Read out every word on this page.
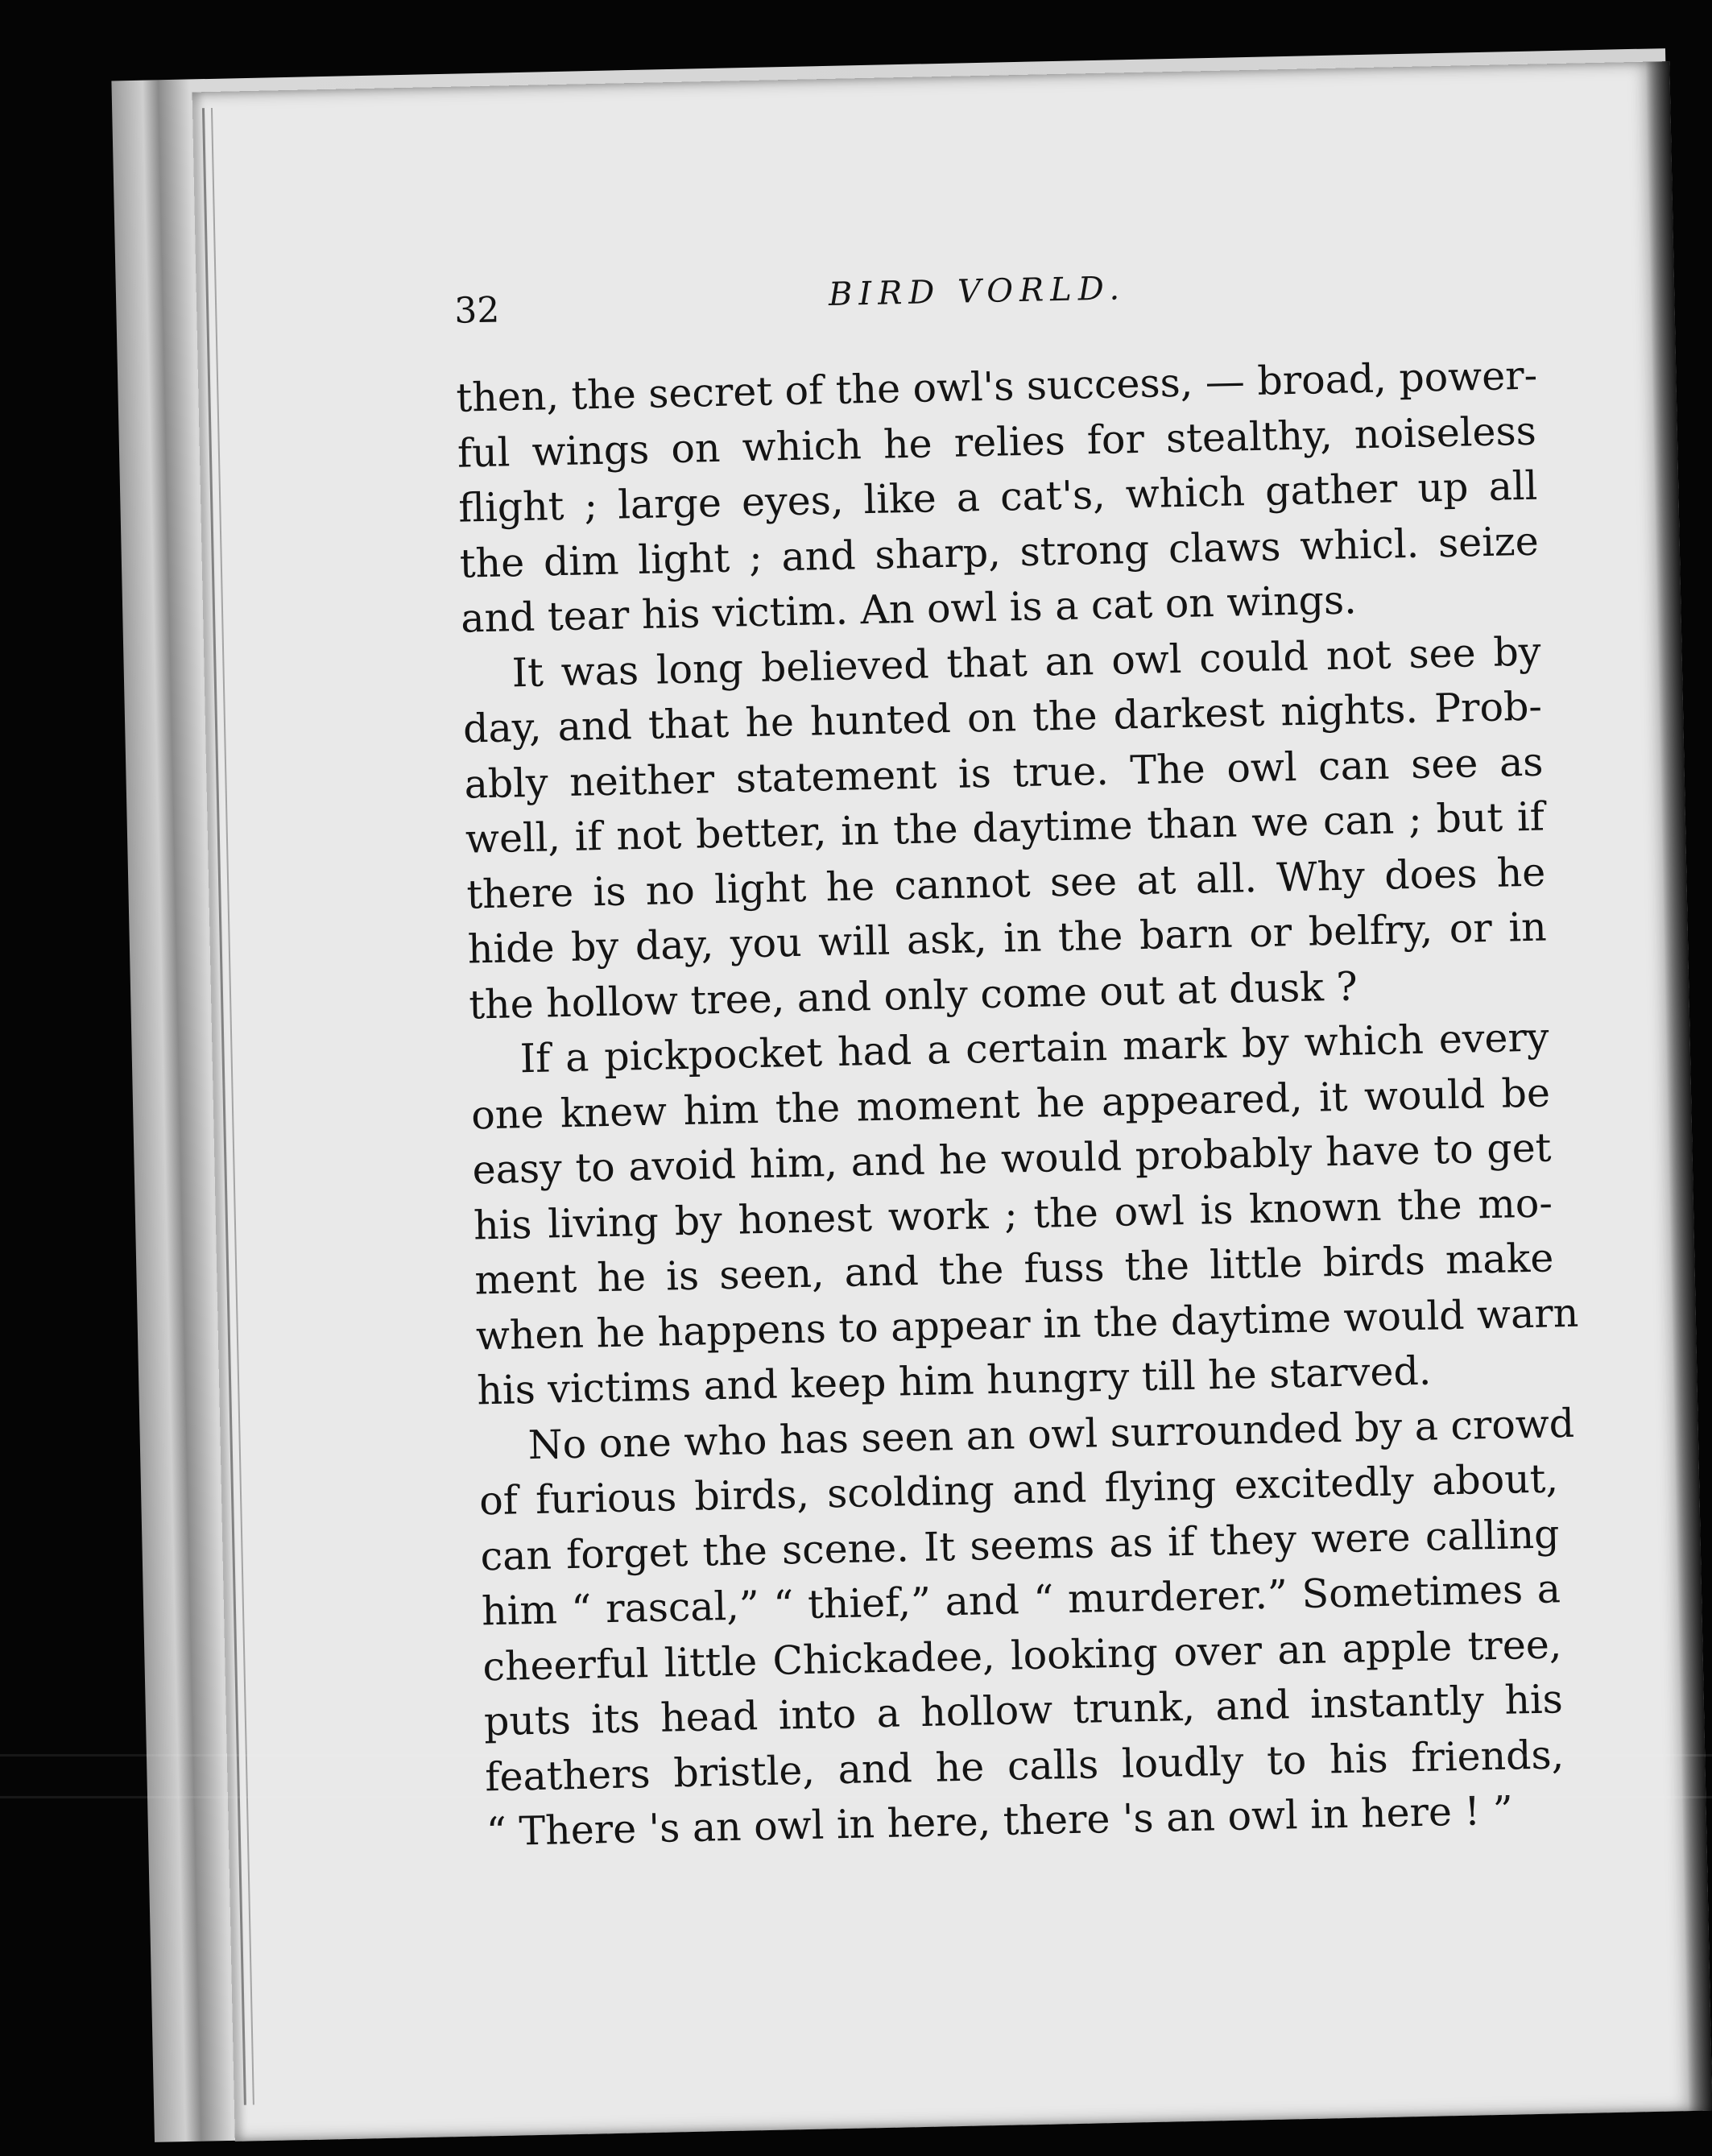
32	BIRD VORLD.
then, the secret of the owl's success, — broad, power-
ful wings on which he relies for stealthy, noiseless
flight ; large eyes, like a cat's, which gather up all
the dim light ; and sharp, strong claws whicl. seize
and tear his victim. An owl is a cat on wings.
It was long believed that an owl could not see by
day, and that he hunted on the darkest nights. Prob-
ably neither statement is true. The owl can see as
well, if not better, in the daytime than we can ; but if
there is no light he cannot see at all. Why does he
hide by day, you will ask, in the barn or belfry, or in
the hollow tree, and only come out at dusk ?
If a pickpocket had a certain mark by which every
one knew him the moment he appeared, it would be
easy to avoid him, and he would probably have to get
his living by honest work ; the owl is known the mo-
ment he is seen, and the fuss the little birds make
when he happens to appear in the daytime would warn
his victims and keep him hungry till he starved.
No one who has seen an owl surrounded by a crowd
of furious birds, scolding and flying excitedly about,
can forget the scene. It seems as if they were calling
him “ rascal,” “ thief,” and “ murderer.” Sometimes a
cheerful little Chickadee, looking over an apple tree,
puts its head into a hollow trunk, and instantly his
feathers bristle, and he calls loudly to his friends,
“ There 's an owl in here, there 's an owl in here ! ”
